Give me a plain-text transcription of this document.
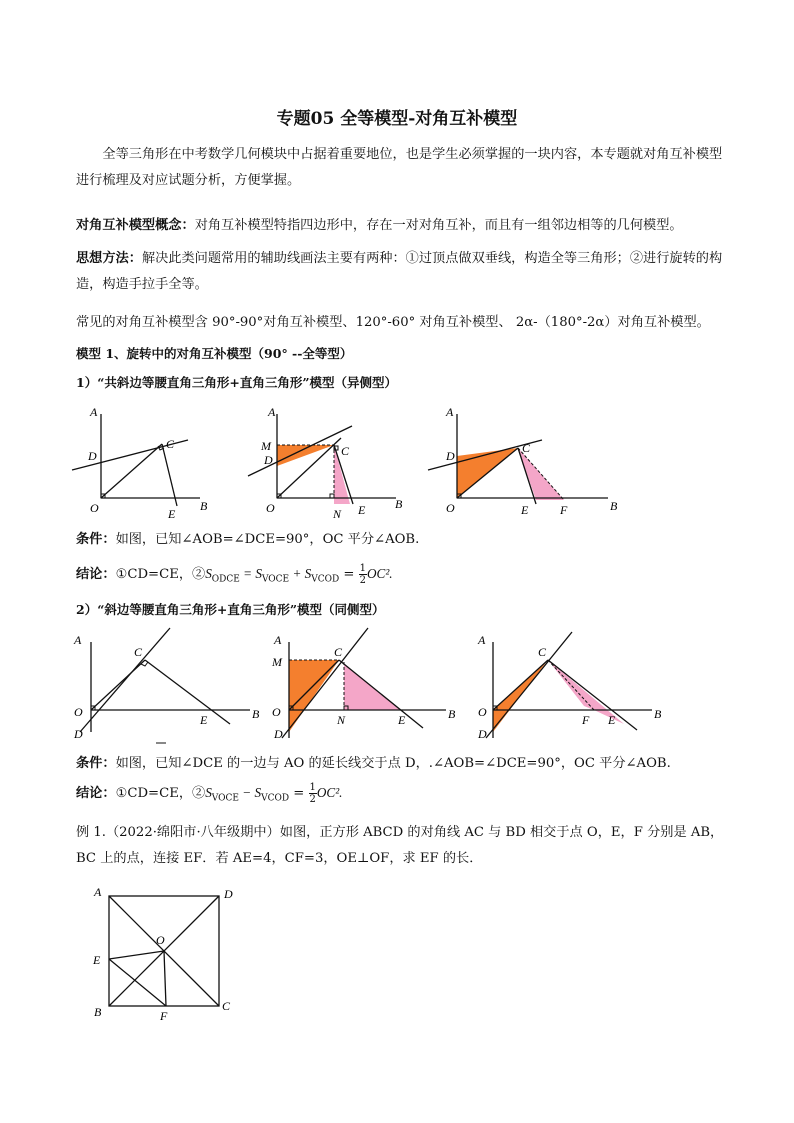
专题05 全等模型-对角互补模型
全等三角形在中考数学几何模块中占据着重要地位，也是学生必须掌握的一块内容，本专题就对角互补模型进行梳理及对应试题分析，方便掌握。
对角互补模型概念：对角互补模型特指四边形中，存在一对对角互补，而且有一组邻边相等的几何模型。
思想方法：解决此类问题常用的辅助线画法主要有两种：①过顶点做双垂线，构造全等三角形；②进行旋转的构造，构造手拉手全等。
常见的对角互补模型含 90°-90°对角互补模型、120°-60° 对角互补模型、 2α-（180°-2α）对角互补模型。
模型 1、旋转中的对角互补模型（90° --全等型）
1）“共斜边等腰直角三角形+直角三角形”模型（异侧型）
A
D
C
O	E
B
A
M
D
C
O	N E B
A
D
C
O	E	F	B
条件：如图，已知∠AOB=∠DCE=90°，OC 平分∠AOB.
结论：①CD=CE，$②S_{ODCE} = S_{VOCE} + S_{VCOD} = \frac{1}{2} OC^2$.
2）“斜边等腰直角三角形+直角三角形”模型（同侧型）
A
C
O
D
E	B
A
M
C
O
D
N	E	B
A
C
O
D
F E	B
条件：如图，已知∠DCE 的一边与 AO 的延长线交于点 D，.∠AOB=∠DCE=90°，OC 平分∠AOB.
结论：①CD=CE，$②S_{VOCE} - S_{VCOD} = \frac{1}{2} OC^2$.
例 1.（2022·绵阳市·八年级期中）如图，正方形 ABCD 的对角线 AC 与 BD 相交于点 O，E，F 分别是 AB，BC 上的点，连接 EF．若 AE=4，CF=3，OE⊥OF，求 EF 的长．
A	D
O
E
B	C
F
